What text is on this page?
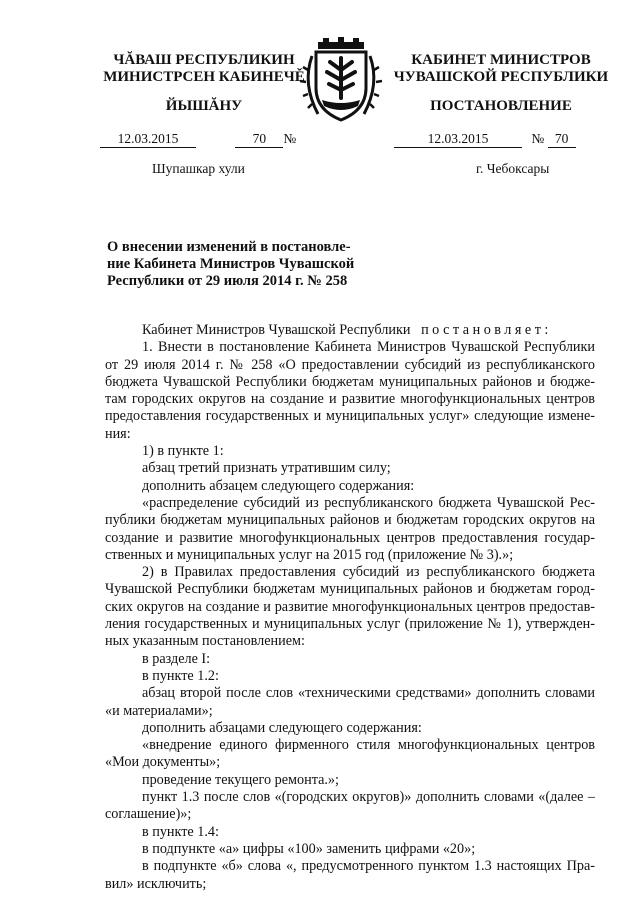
ЧĂВАШ РЕСПУБЛИКИН
МИНИСТРСЕН КАБИНЕЧĚ
ЙЫШĂНУ
КАБИНЕТ МИНИСТРОВ
ЧУВАШСКОЙ РЕСПУБЛИКИ
ПОСТАНОВЛЕНИЕ
12.03.2015	70 №	12.03.2015	№ 70
Шупашкар хули	г. Чебоксары
О внесении изменений в постановле-
ние Кабинета Министров Чувашской
Республики от 29 июля 2014 г. № 258
Кабинет Министров Чувашской Республики постановляет:
1. Внести в постановление Кабинета Министров Чувашской Республики
от 29 июля 2014 г. № 258 «О предоставлении субсидий из республиканского
бюджета Чувашской Республики бюджетам муниципальных районов и бюдже-
там городских округов на создание и развитие многофункциональных центров
предоставления государственных и муниципальных услуг» следующие измене-
ния:
1) в пункте 1:
абзац третий признать утратившим силу;
дополнить абзацем следующего содержания:
«распределение субсидий из республиканского бюджета Чувашской Рес-
публики бюджетам муниципальных районов и бюджетам городских округов на
создание и развитие многофункциональных центров предоставления государ-
ственных и муниципальных услуг на 2015 год (приложение № 3).»;
2) в Правилах предоставления субсидий из республиканского бюджета
Чувашской Республики бюджетам муниципальных районов и бюджетам город-
ских округов на создание и развитие многофункциональных центров предостав-
ления государственных и муниципальных услуг (приложение № 1), утвержден-
ных указанным постановлением:
в разделе I:
в пункте 1.2:
абзац второй после слов «техническими средствами» дополнить словами
«и материалами»;
дополнить абзацами следующего содержания:
«внедрение единого фирменного стиля многофункциональных центров
«Мои документы»;
проведение текущего ремонта.»;
пункт 1.3 после слов «(городских округов)» дополнить словами «(далее –
соглашение)»;
в пункте 1.4:
в подпункте «а» цифры «100» заменить цифрами «20»;
в подпункте «б» слова «, предусмотренного пунктом 1.3 настоящих Пра-
вил» исключить;
